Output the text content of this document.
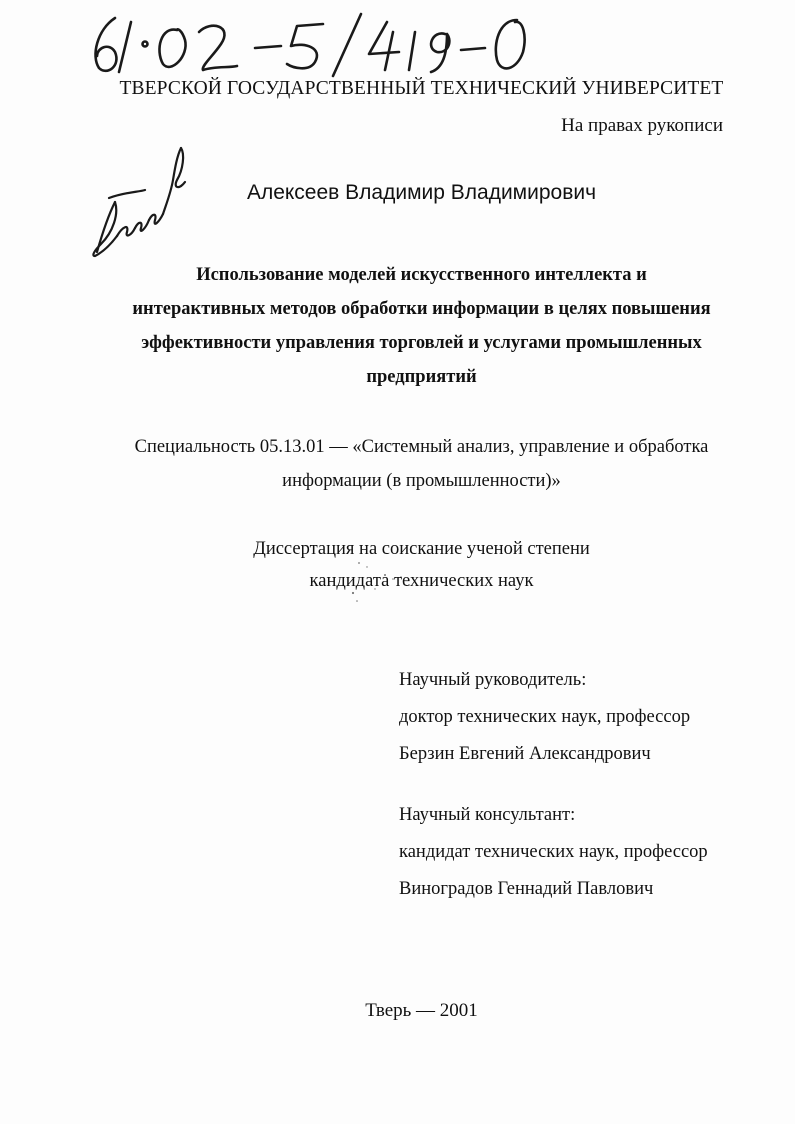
ТВЕРСКОЙ ГОСУДАРСТВЕННЫЙ ТЕХНИЧЕСКИЙ УНИВЕРСИТЕТ
На правах рукописи
Алексеев Владимир Владимирович
Использование моделей искусственного интеллекта и
интерактивных методов обработки информации в целях повышения
эффективности управления торговлей и услугами промышленных
предприятий
Специальность 05.13.01 — «Системный анализ, управление и обработка
информации (в промышленности)»
Диссертация на соискание ученой степени
кандидата технических наук
Научный руководитель:
доктор технических наук, профессор
Берзин Евгений Александрович
Научный консультант:
кандидат технических наук, профессор
Виноградов Геннадий Павлович
Тверь — 2001
